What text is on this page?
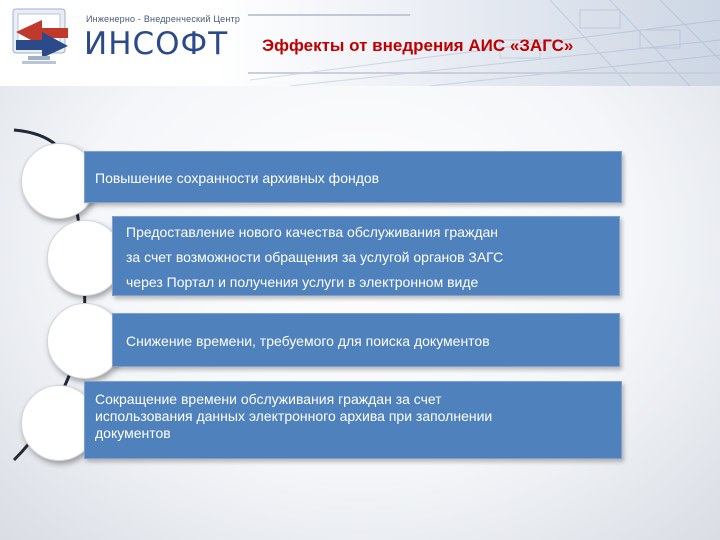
Инженерно - Внедренческий Центр
ИНСОФТ Эффекты от внедрения АИС «ЗАГС»
Повышение сохранности архивных фондов
Предоставление нового качества обслуживания граждан
за счет возможности обращения за услугой органов ЗАГС
через Портал и получения услуги в электронном виде
Снижение времени, требуемого для поиска документов
Сокращение времени обслуживания граждан за счет
использования данных электронного архива при заполнении
документов
